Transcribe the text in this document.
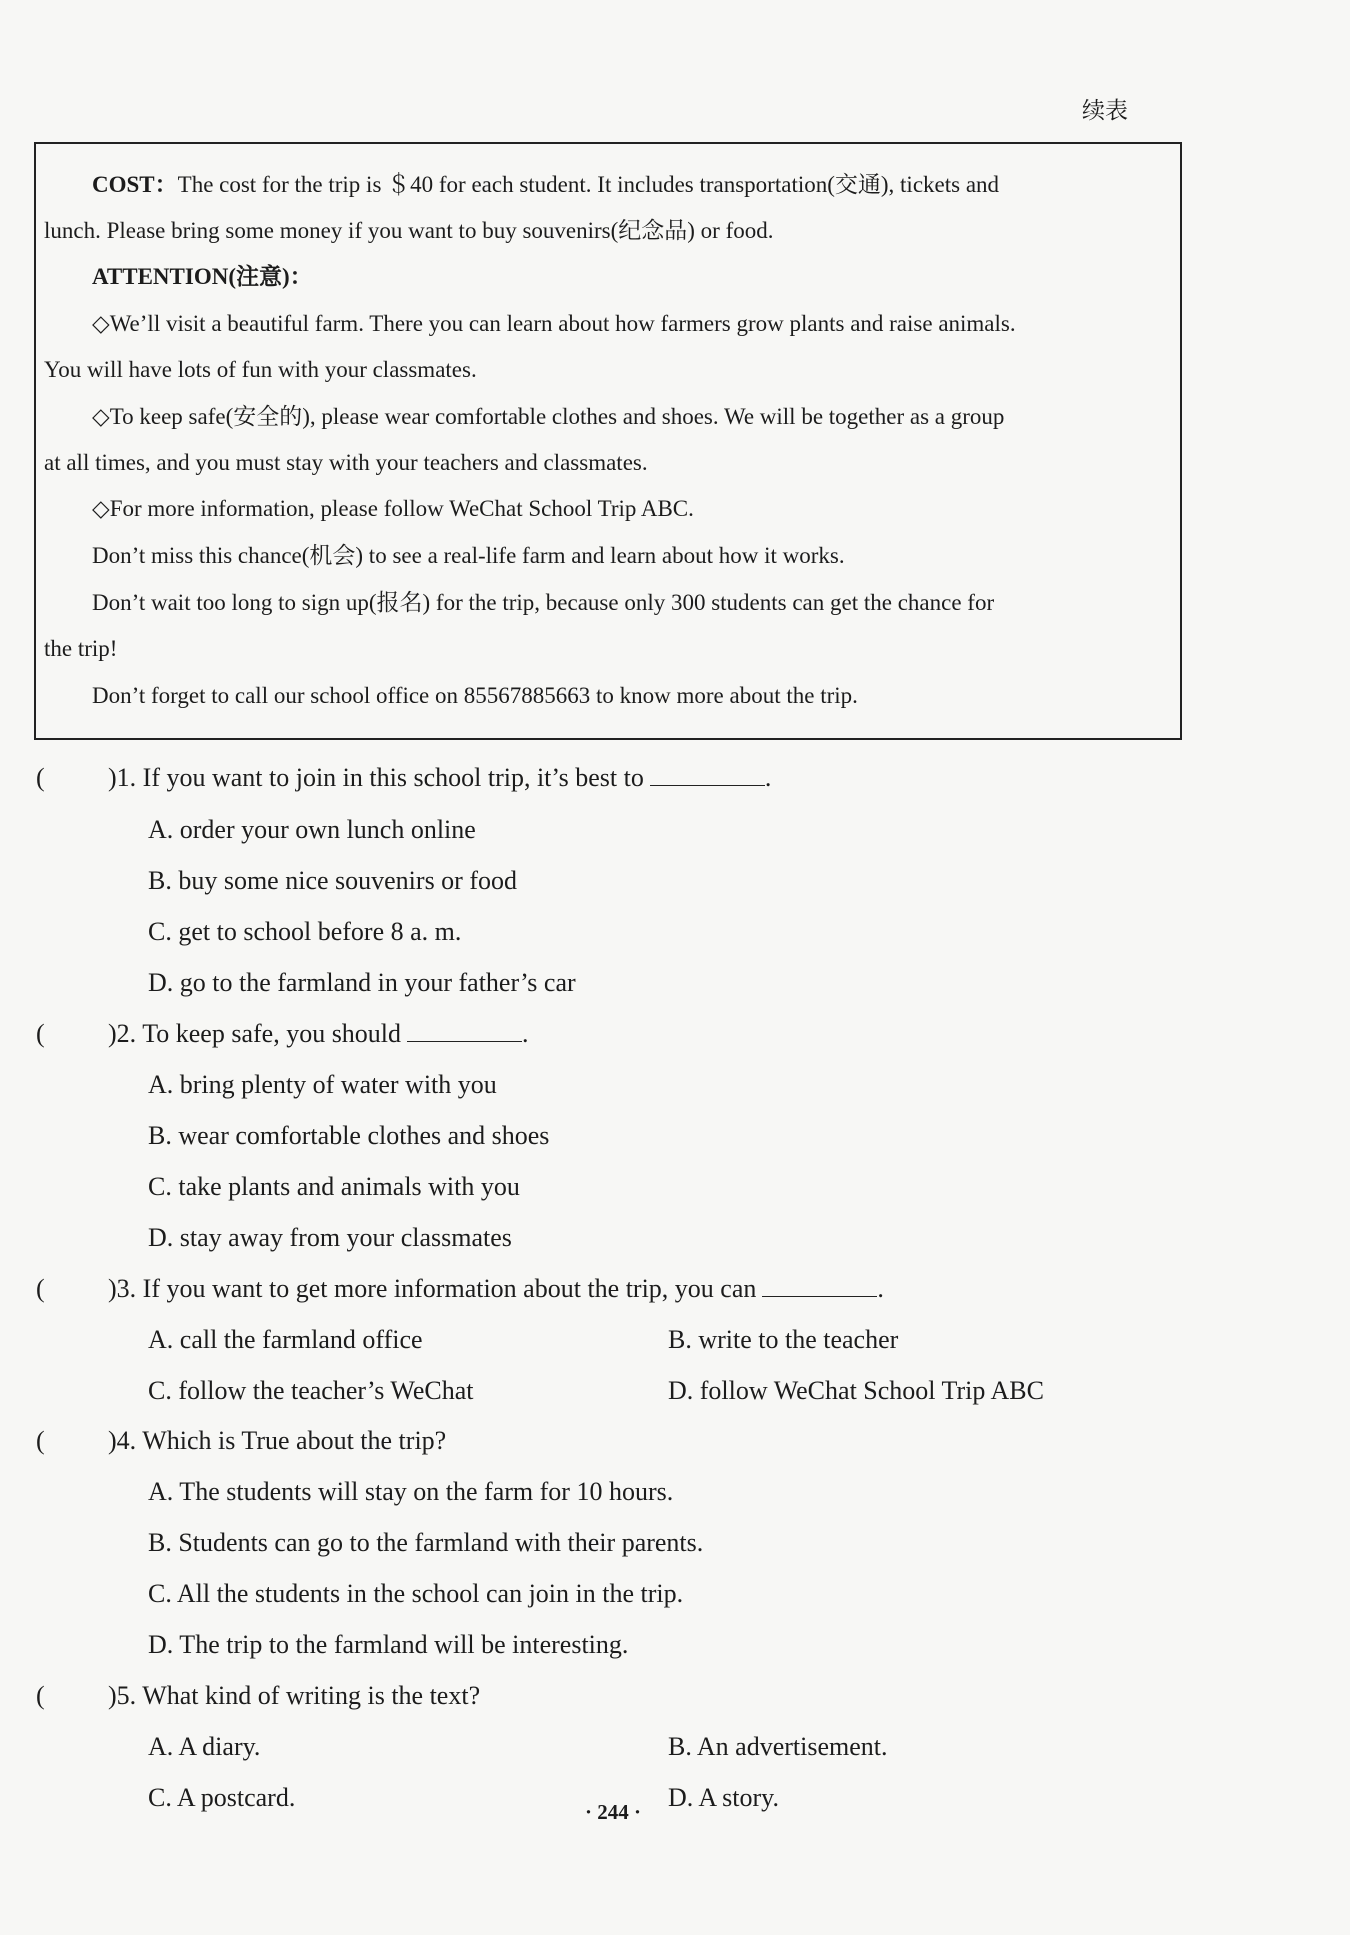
续表
COST：The cost for the trip is ＄40 for each student. It includes transportation(交通), tickets and
lunch. Please bring some money if you want to buy souvenirs(纪念品) or food.
ATTENTION(注意)：
◇We’ll visit a beautiful farm. There you can learn about how farmers grow plants and raise animals.
You will have lots of fun with your classmates.
◇To keep safe(安全的), please wear comfortable clothes and shoes. We will be together as a group
at all times, and you must stay with your teachers and classmates.
◇For more information, please follow WeChat School Trip ABC.
Don’t miss this chance(机会) to see a real-life farm and learn about how it works.
Don’t wait too long to sign up(报名) for the trip, because only 300 students can get the chance for
the trip!
Don’t forget to call our school office on 85567885663 to know more about the trip.
( )1. If you want to join in this school trip, it’s best to	.
A. order your own lunch online
B. buy some nice souvenirs or food
C. get to school before 8 a. m.
D. go to the farmland in your father’s car
( )2. To keep safe, you should	.
A. bring plenty of water with you
B. wear comfortable clothes and shoes
C. take plants and animals with you
D. stay away from your classmates
( )3. If you want to get more information about the trip, you can	.
A. call the farmland office	B. write to the teacher
C. follow the teacher’s WeChat	D. follow WeChat School Trip ABC
( )4. Which is True about the trip?
A. The students will stay on the farm for 10 hours.
B. Students can go to the farmland with their parents.
C. All the students in the school can join in the trip.
D. The trip to the farmland will be interesting.
( )5. What kind of writing is the text?
A. A diary.	B. An advertisement.
C. A postcard.	D. A story.
· 244 ·
